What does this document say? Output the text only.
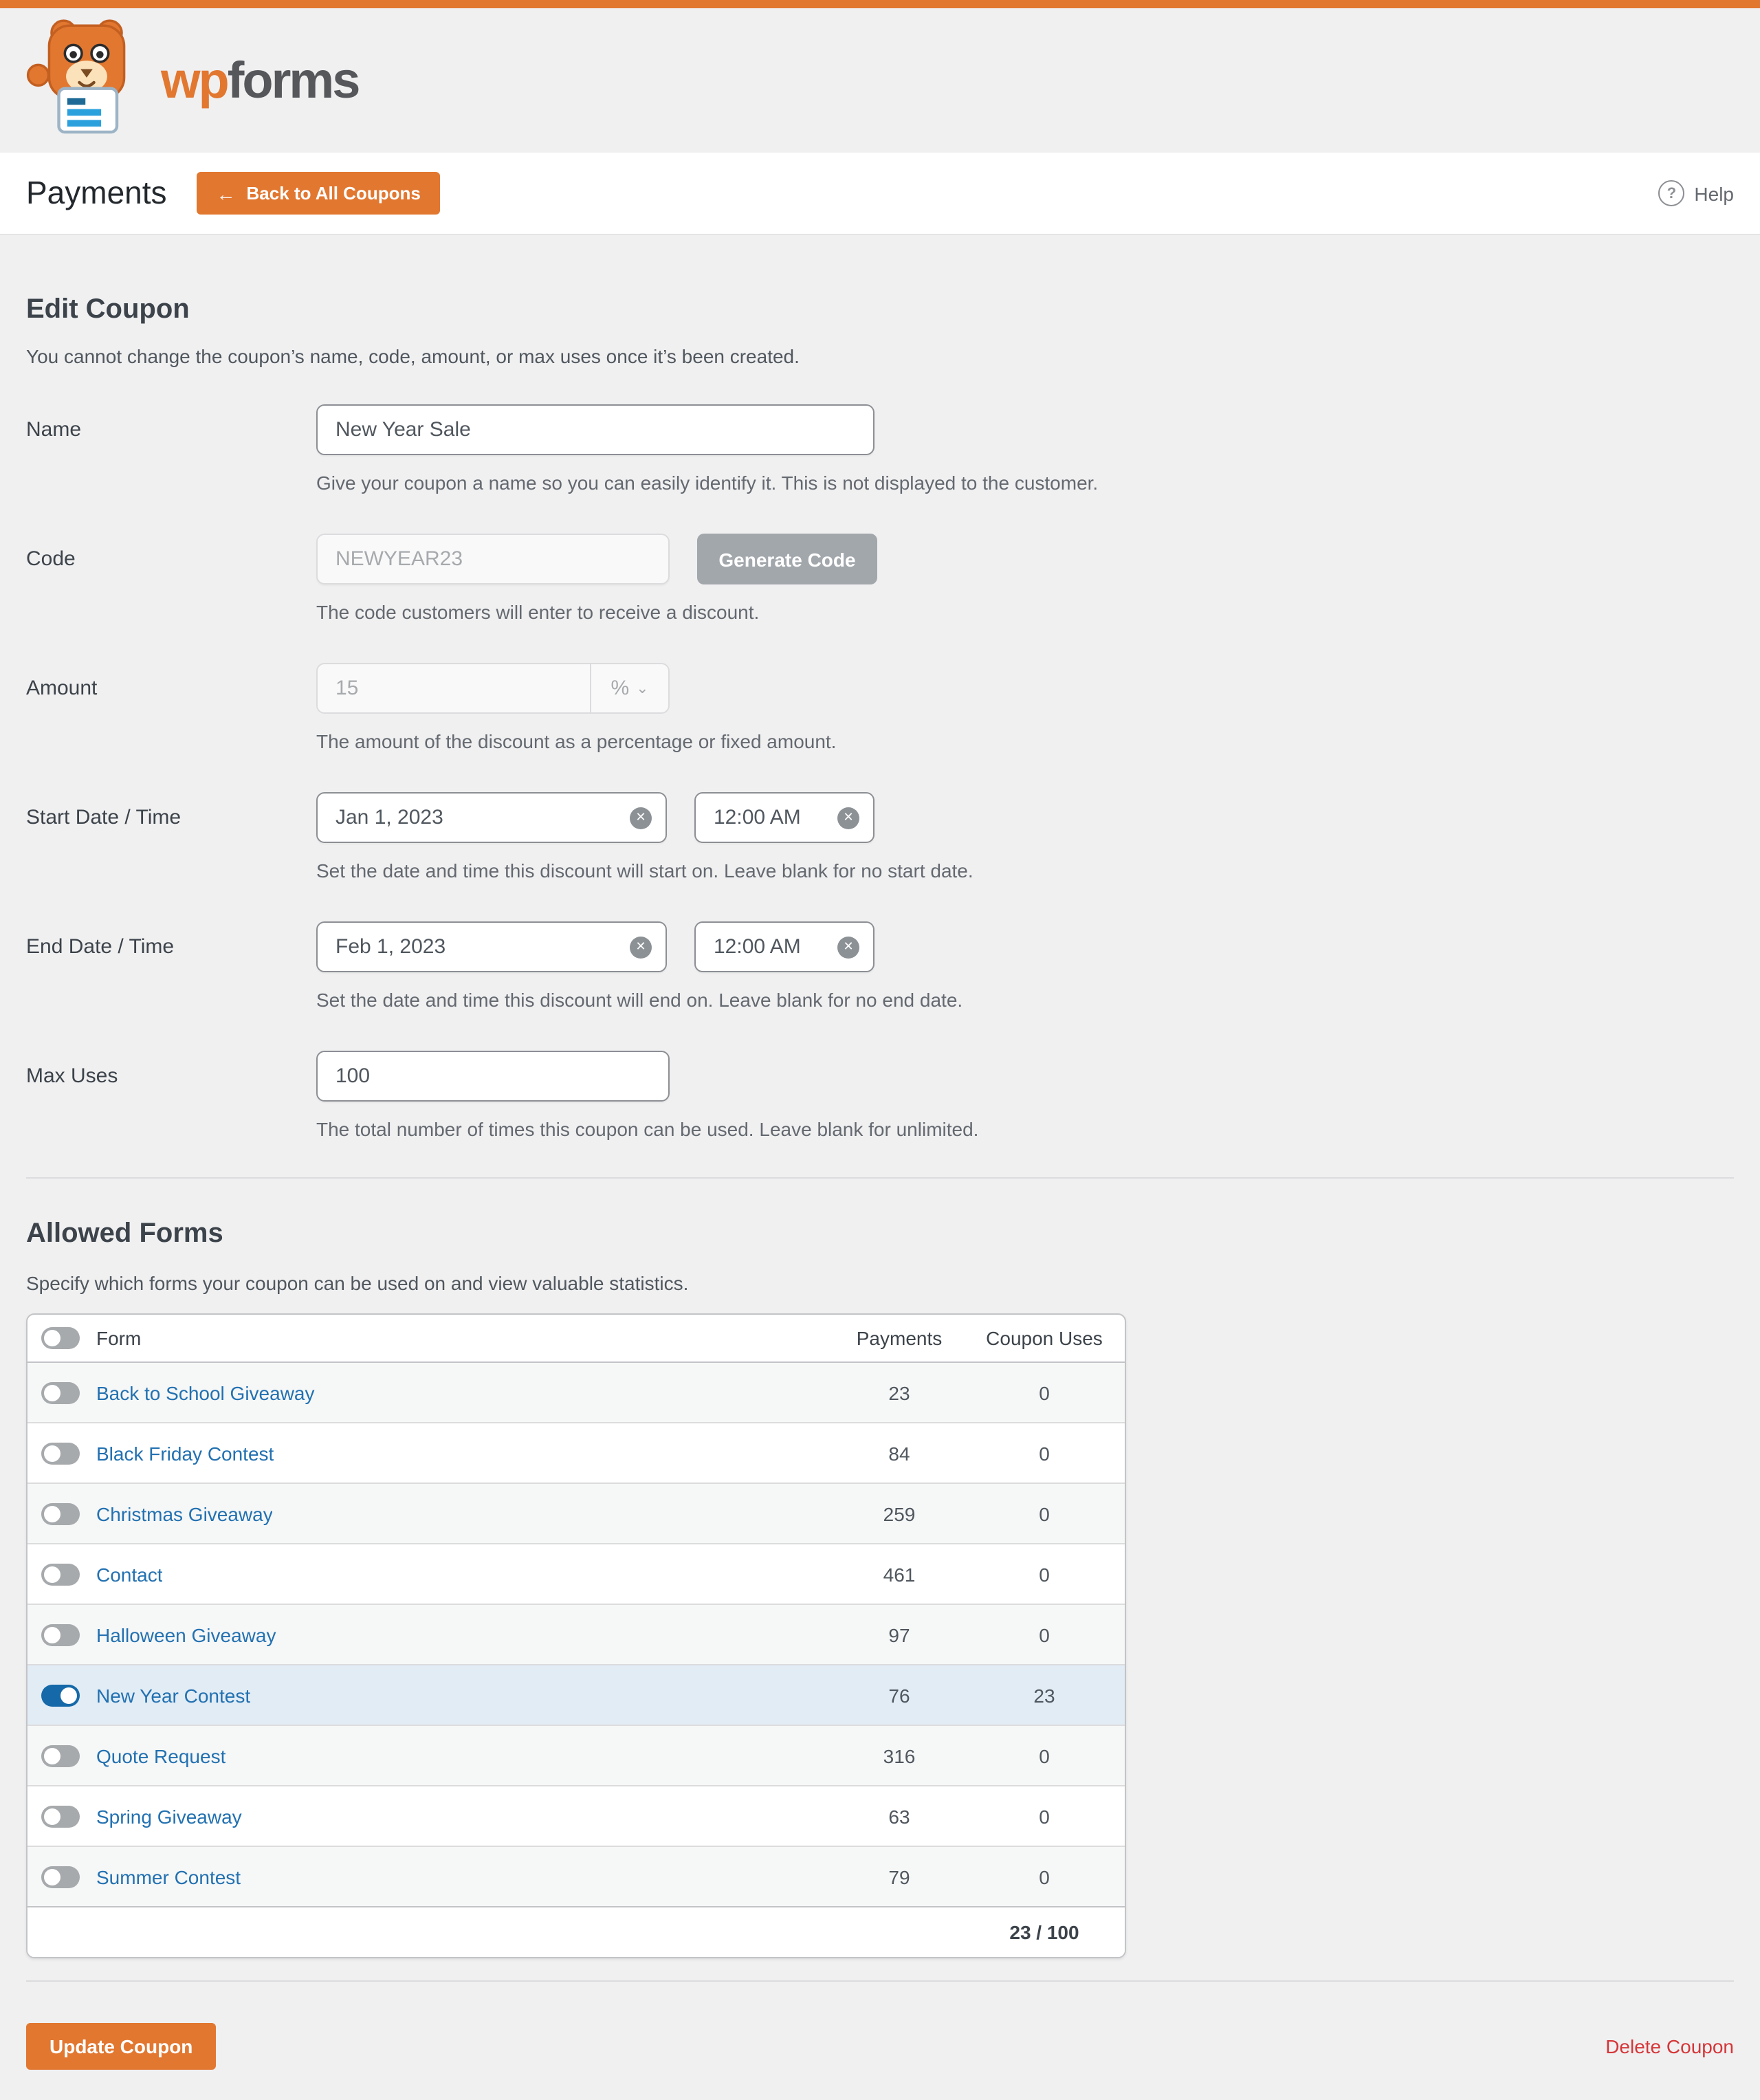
wpforms
Payments	← Back to All Coupons	?	Help
Edit Coupon

You cannot change the coupon’s name, code, amount, or max uses once it’s been created.

Name
New Year Sale
Give your coupon a name so you can easily identify it. This is not displayed to the customer.
Code
NEWYEAR23	Generate Code
The code customers will enter to receive a discount.
Amount
15	% ⌄
The amount of the discount as a percentage or fixed amount.
Start Date / Time
Jan 1, 2023	✕
12:00 AM	✕
Set the date and time this discount will start on. Leave blank for no start date.
End Date / Time
Feb 1, 2023	✕
12:00 AM	✕
Set the date and time this discount will end on. Leave blank for no end date.
Max Uses
100
The total number of times this coupon can be used. Leave blank for unlimited.
Allowed Forms

Specify which forms your coupon can be used on and view valuable statistics.

Form	Payments	Coupon Uses
Back to School Giveaway	23	0
Black Friday Contest	84	0
Christmas Giveaway	259	0
Contact	461	0
Halloween Giveaway	97	0
New Year Contest	76	23
Quote Request	316	0
Spring Giveaway	63	0
Summer Contest	79	0
23 / 100
Update Coupon	Delete Coupon
